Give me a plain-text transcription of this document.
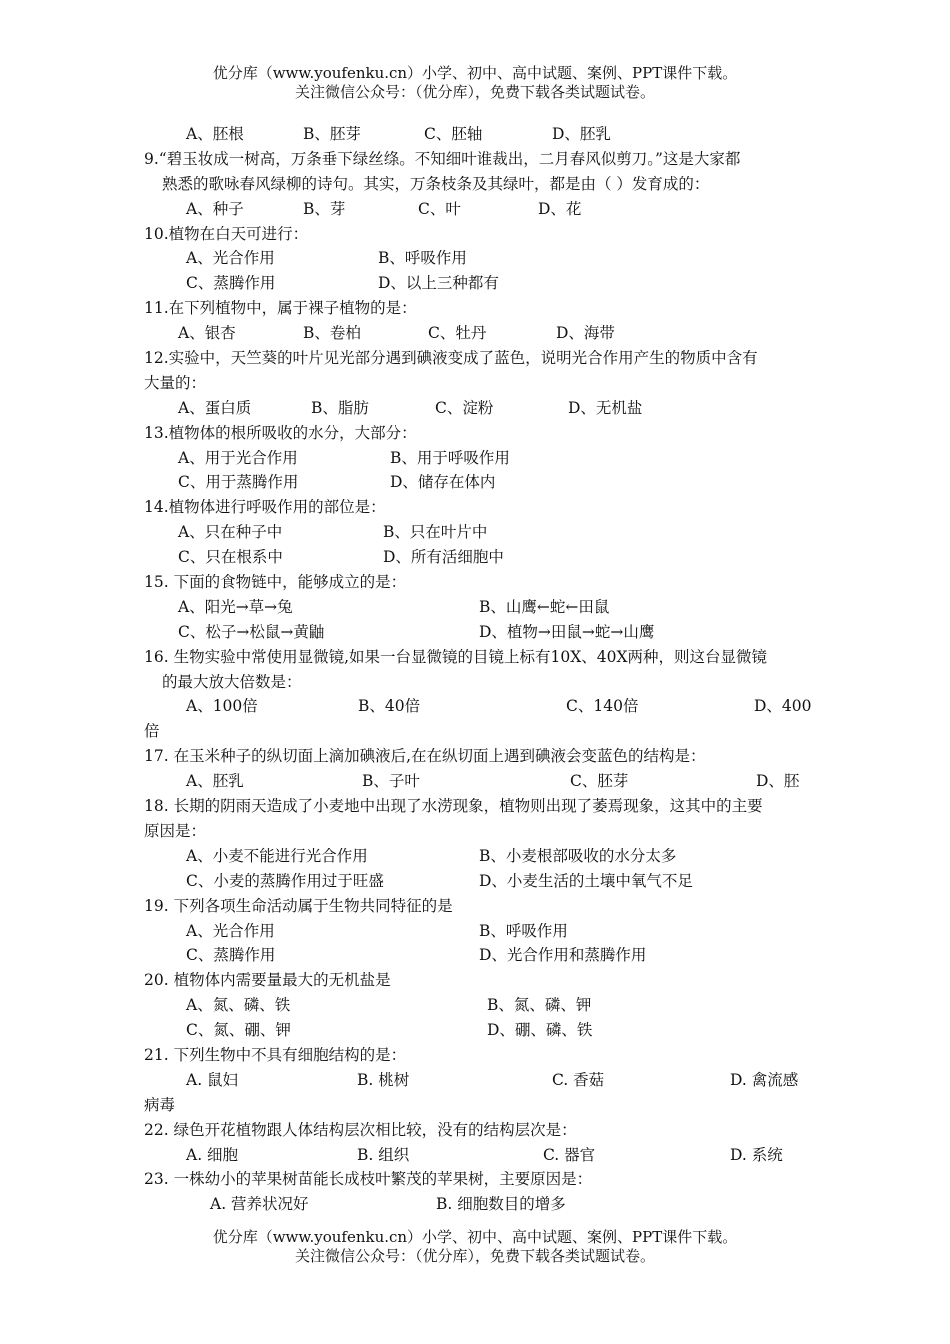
优分库（www.youfenku.cn）小学、初中、高中试题、案例、PPT课件下载。
关注微信公众号：（优分库），免费下载各类试题试卷。
A、胚根	B、胚芽	C、胚轴	D、胚乳
9.“碧玉妆成一树高，万条垂下绿丝绦。不知细叶谁裁出，二月春风似剪刀。”这是大家都
熟悉的歌咏春风绿柳的诗句。其实，万条枝条及其绿叶，都是由（ ）发育成的：
A、种子	B、芽	C、叶	D、花
10.植物在白天可进行：
A、光合作用	B、呼吸作用
C、蒸腾作用	D、以上三种都有
11.在下列植物中，属于裸子植物的是：
A、银杏	B、卷柏	C、牡丹	D、海带
12.实验中，天竺葵的叶片见光部分遇到碘液变成了蓝色，说明光合作用产生的物质中含有
大量的：
A、蛋白质	B、脂肪	C、淀粉	D、无机盐
13.植物体的根所吸收的水分，大部分：
A、用于光合作用	B、用于呼吸作用
C、用于蒸腾作用	D、储存在体内
14.植物体进行呼吸作用的部位是：
A、只在种子中	B、只在叶片中
C、只在根系中	D、所有活细胞中
15. 下面的食物链中，能够成立的是：
A、阳光→草→兔	B、山鹰←蛇←田鼠
C、松子→松鼠→黄鼬	D、植物→田鼠→蛇→山鹰
16. 生物实验中常使用显微镜,如果一台显微镜的目镜上标有10X、40X两种，则这台显微镜
的最大放大倍数是：
A、100倍	B、40倍	C、140倍	D、400
倍
17. 在玉米种子的纵切面上滴加碘液后,在在纵切面上遇到碘液会变蓝色的结构是：
A、胚乳	B、子叶	C、胚芽	D、胚
18. 长期的阴雨天造成了小麦地中出现了水涝现象，植物则出现了萎焉现象，这其中的主要
原因是：
A、小麦不能进行光合作用	B、小麦根部吸收的水分太多
C、小麦的蒸腾作用过于旺盛	D、小麦生活的土壤中氧气不足
19. 下列各项生命活动属于生物共同特征的是
A、光合作用	B、呼吸作用
C、蒸腾作用	D、光合作用和蒸腾作用
20. 植物体内需要量最大的无机盐是
A、氮、磷、铁	B、氮、磷、钾
C、氮、硼、钾	D、硼、磷、铁
21. 下列生物中不具有细胞结构的是：
A. 鼠妇	B. 桃树	C. 香菇	D. 禽流感
病毒
22. 绿色开花植物跟人体结构层次相比较，没有的结构层次是：
A. 细胞	B. 组织	C. 器官	D. 系统
23. 一株幼小的苹果树苗能长成枝叶繁茂的苹果树，主要原因是：
A. 营养状况好	B. 细胞数目的增多
优分库（www.youfenku.cn）小学、初中、高中试题、案例、PPT课件下载。
关注微信公众号：（优分库），免费下载各类试题试卷。
